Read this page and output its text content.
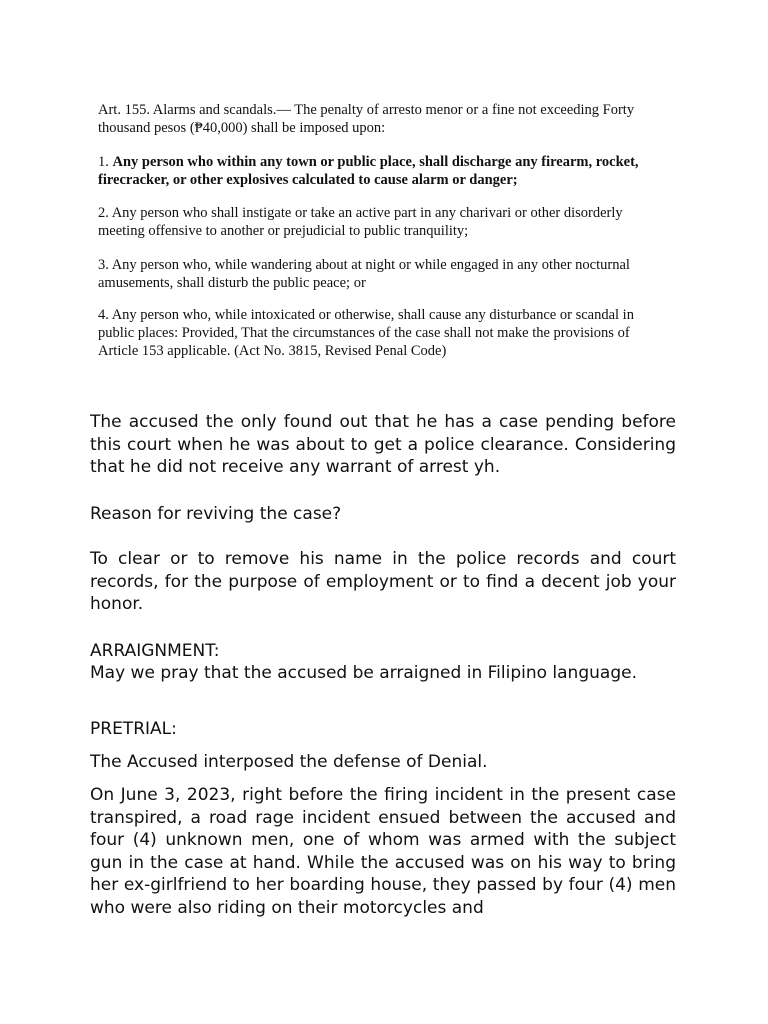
Art. 155. Alarms and scandals.— The penalty of arresto menor or a fine not exceeding Forty thousand pesos (₱40,000) shall be imposed upon:

1. Any person who within any town or public place, shall discharge any firearm, rocket, firecracker, or other explosives calculated to cause alarm or danger;

2. Any person who shall instigate or take an active part in any charivari or other disorderly meeting offensive to another or prejudicial to public tranquility;

3. Any person who, while wandering about at night or while engaged in any other nocturnal amusements, shall disturb the public peace; or

4. Any person who, while intoxicated or otherwise, shall cause any disturbance or scandal in public places: Provided, That the circumstances of the case shall not make the provisions of Article 153 applicable. (Act No. 3815, Revised Penal Code)

The accused the only found out that he has a case pending before this court when he was about to get a police clearance. Considering that he did not receive any warrant of arrest yh.

Reason for reviving the case?

To clear or to remove his name in the police records and court records, for the purpose of employment or to find a decent job your honor.

ARRAIGNMENT:

May we pray that the accused be arraigned in Filipino language.

PRETRIAL:

The Accused interposed the defense of Denial.

On June 3, 2023, right before the firing incident in the present case transpired, a road rage incident ensued between the accused and four (4) unknown men, one of whom was armed with the subject gun in the case at hand. While the accused was on his way to bring her ex-girlfriend to her boarding house, they passed by four (4) men who were also riding on their motorcycles and
